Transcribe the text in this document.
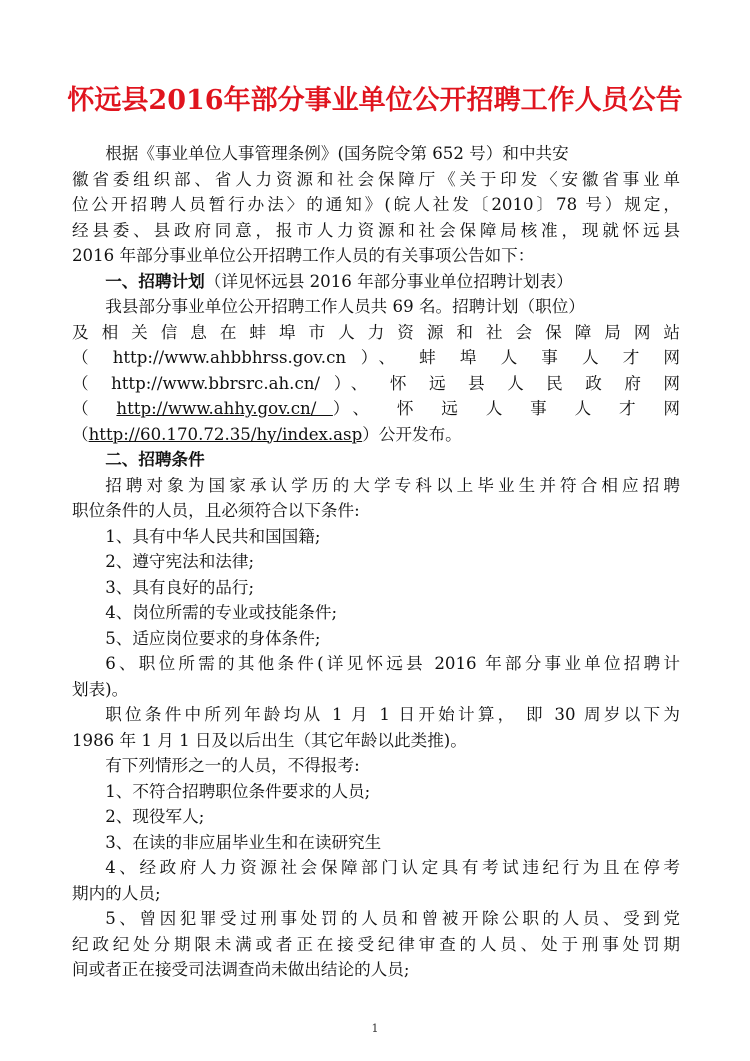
怀远县2016年部分事业单位公开招聘工作人员公告

根据《事业单位人事管理条例》(国务院令第 652 号）和中共安

徽省委组织部、省人力资源和社会保障厅《关于印发〈安徽省事业单

位公开招聘人员暂行办法〉的通知》(皖人社发〔2010〕78 号）规定，

经县委、县政府同意，报市人力资源和社会保障局核准，现就怀远县

2016 年部分事业单位公开招聘工作人员的有关事项公告如下：

一、招聘计划（详见怀远县 2016 年部分事业单位招聘计划表）

我县部分事业单位公开招聘工作人员共 69 名。招聘计划（职位）

及相关信息在蚌埠市人力资源和社会保障局网站

（ http://www.ahbbhrss.gov.cn ）、 蚌 埠 人 事 人 才 网

（ http://www.bbrsrc.ah.cn/ ）、 怀 远 县 人 民 政 府 网

（ http://www.ahhy.gov.cn/ ）、 怀 远 人 事 人 才 网

（http://60.170.72.35/hy/index.asp）公开发布。

二、招聘条件

招聘对象为国家承认学历的大学专科以上毕业生并符合相应招聘

职位条件的人员，且必须符合以下条件:

1、具有中华人民共和国国籍;

2、遵守宪法和法律;

3、具有良好的品行;

4、岗位所需的专业或技能条件;

5、适应岗位要求的身体条件;

6、职位所需的其他条件(详见怀远县 2016 年部分事业单位招聘计

划表)。

职位条件中所列年龄均从 1 月 1 日开始计算， 即 30 周岁以下为

1986 年 1 月 1 日及以后出生（其它年龄以此类推)。

有下列情形之一的人员，不得报考:

1、不符合招聘职位条件要求的人员;

2、现役军人;

3、在读的非应届毕业生和在读研究生

4、经政府人力资源社会保障部门认定具有考试违纪行为且在停考

期内的人员;

5、曾因犯罪受过刑事处罚的人员和曾被开除公职的人员、受到党

纪政纪处分期限未满或者正在接受纪律审查的人员、处于刑事处罚期

间或者正在接受司法调查尚未做出结论的人员;

1
